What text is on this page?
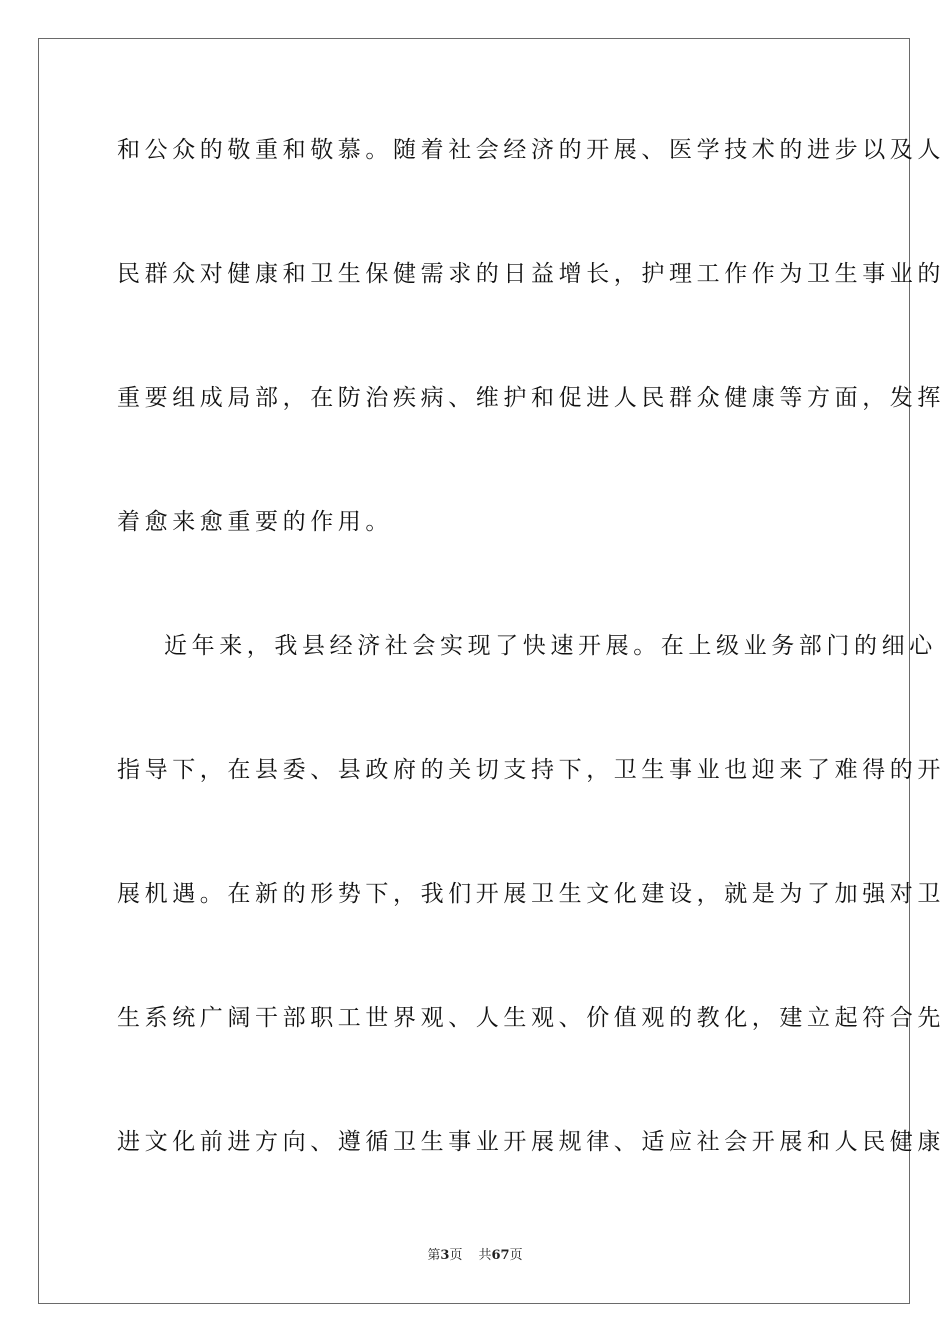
和公众的敬重和敬慕。随着社会经济的开展、医学技术的进步以及人
民群众对健康和卫生保健需求的日益增长，护理工作作为卫生事业的
重要组成局部，在防治疾病、维护和促进人民群众健康等方面，发挥
着愈来愈重要的作用。
近年来，我县经济社会实现了快速开展。在上级业务部门的细心
指导下，在县委、县政府的关切支持下，卫生事业也迎来了难得的开
展机遇。在新的形势下，我们开展卫生文化建设，就是为了加强对卫
生系统广阔干部职工世界观、人生观、价值观的教化，建立起符合先
进文化前进方向、遵循卫生事业开展规律、适应社会开展和人民健康
第3页 共67页
